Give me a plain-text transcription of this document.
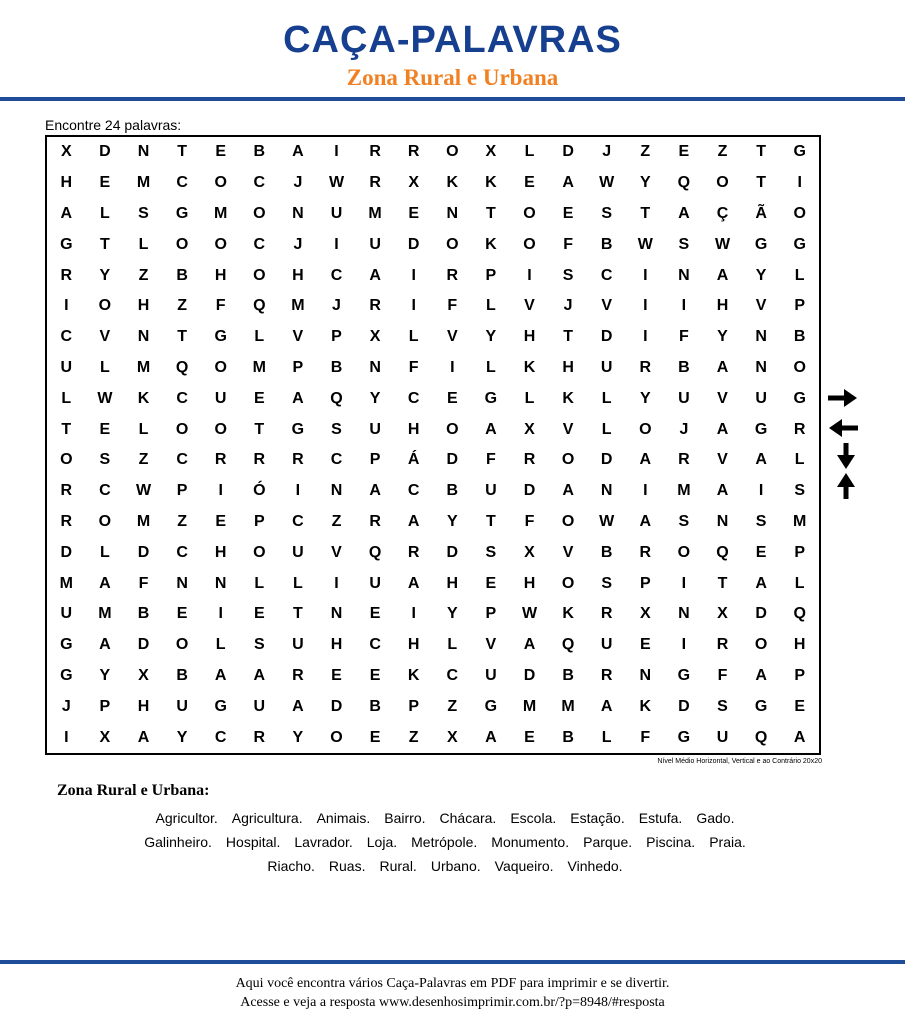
CAÇA-PALAVRAS
Zona Rural e Urbana
Encontre 24 palavras:
X	D	N	T	E	B	A	I	R	R	O	X	L	D	J	Z	E	Z	T	G
H	E	M	C	O	C	J	W	R	X	K	K	E	A	W	Y	Q	O	T	I
A	L	S	G	M	O	N	U	M	E	N	T	O	E	S	T	A	Ç	Ã	O
G	T	L	O	O	C	J	I	U	D	O	K	O	F	B	W	S	W	G	G
R	Y	Z	B	H	O	H	C	A	I	R	P	I	S	C	I	N	A	Y	L
I	O	H	Z	F	Q	M	J	R	I	F	L	V	J	V	I	I	H	V	P
C	V	N	T	G	L	V	P	X	L	V	Y	H	T	D	I	F	Y	N	B
U	L	M	Q	O	M	P	B	N	F	I	L	K	H	U	R	B	A	N	O
L	W	K	C	U	E	A	Q	Y	C	E	G	L	K	L	Y	U	V	U	G
T	E	L	O	O	T	G	S	U	H	O	A	X	V	L	O	J	A	G	R
O	S	Z	C	R	R	R	C	P	Á	D	F	R	O	D	A	R	V	A	L
R	C	W	P	I	Ó	I	N	A	C	B	U	D	A	N	I	M	A	I	S
R	O	M	Z	E	P	C	Z	R	A	Y	T	F	O	W	A	S	N	S	M
D	L	D	C	H	O	U	V	Q	R	D	S	X	V	B	R	O	Q	E	P
M	A	F	N	N	L	L	I	U	A	H	E	H	O	S	P	I	T	A	L
U	M	B	E	I	E	T	N	E	I	Y	P	W	K	R	X	N	X	D	Q
G	A	D	O	L	S	U	H	C	H	L	V	A	Q	U	E	I	R	O	H
G	Y	X	B	A	A	R	E	E	K	C	U	D	B	R	N	G	F	A	P
J	P	H	U	G	U	A	D	B	P	Z	G	M	M	A	K	D	S	G	E
I	X	A	Y	C	R	Y	O	E	Z	X	A	E	B	L	F	G	U	Q	A
Nível Médio Horizontal, Vertical e ao Contrário 20x20
Zona Rural e Urbana:
Agricultor. Agricultura. Animais. Bairro. Chácara. Escola. Estação. Estufa. Gado.
Galinheiro. Hospital. Lavrador. Loja. Metrópole. Monumento. Parque. Piscina. Praia.
Riacho. Ruas. Rural. Urbano. Vaqueiro. Vinhedo.
Aqui você encontra vários Caça-Palavras em PDF para imprimir e se divertir.
Acesse e veja a resposta www.desenhosimprimir.com.br/?p=8948/#resposta
